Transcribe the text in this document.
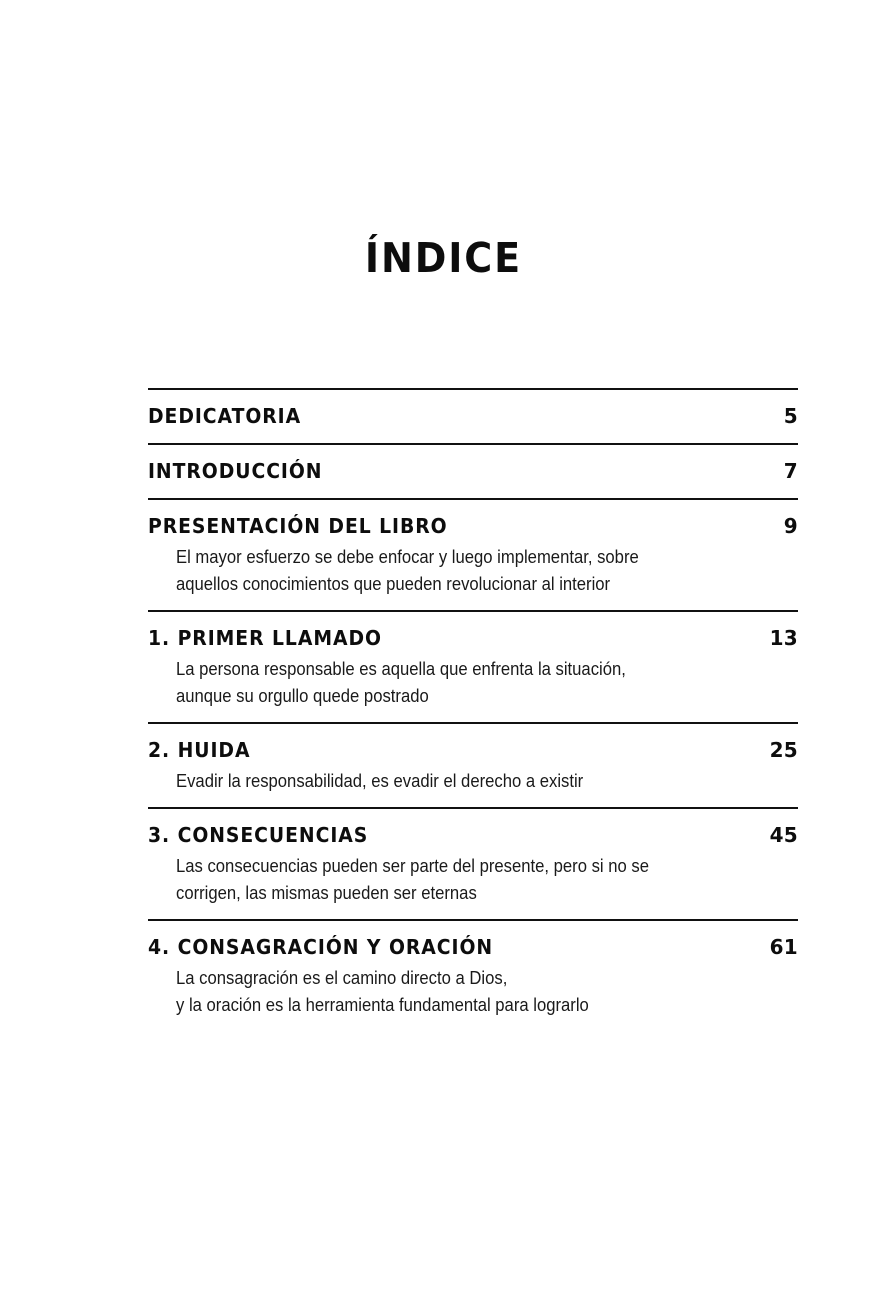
ÍNDICE
DEDICATORIA	5
INTRODUCCIÓN	7
PRESENTACIÓN DEL LIBRO	9
El mayor esfuerzo se debe enfocar y luego implementar, sobre
aquellos conocimientos que pueden revolucionar al interior
1. PRIMER LLAMADO	13
La persona responsable es aquella que enfrenta la situación,
aunque su orgullo quede postrado
2. HUIDA	25
Evadir la responsabilidad, es evadir el derecho a existir
3. CONSECUENCIAS	45
Las consecuencias pueden ser parte del presente, pero si no se
corrigen, las mismas pueden ser eternas
4. CONSAGRACIÓN Y ORACIÓN	61
La consagración es el camino directo a Dios,
y la oración es la herramienta fundamental para lograrlo
